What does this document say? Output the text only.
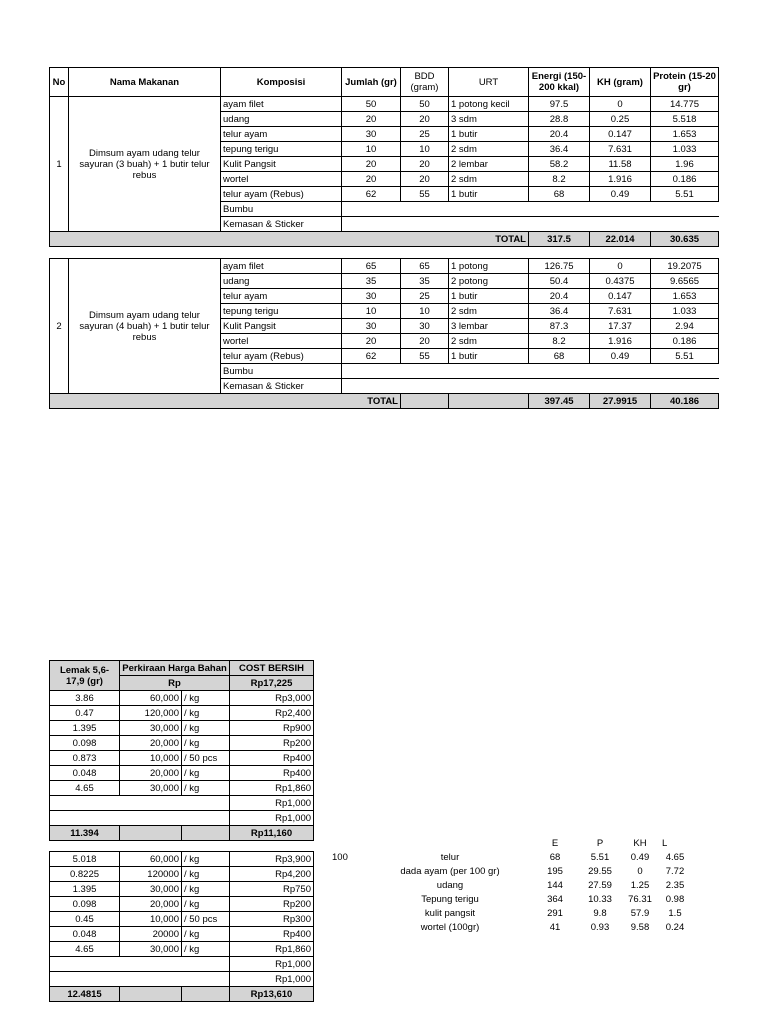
No	Nama Makanan	Komposisi	Jumlah (gr)	BDD (gram)	URT	Energi (150-200 kkal)	KH (gram)	Protein (15-20 gr)
1	Dimsum ayam udang telur sayuran (3 buah) + 1 butir telur rebus	ayam filet	50	50	1 potong kecil	97.5	0	14.775
		udang	20	20	3 sdm	28.8	0.25	5.518
		telur ayam	30	25	1 butir	20.4	0.147	1.653
		tepung terigu	10	10	2 sdm	36.4	7.631	1.033
		Kulit Pangsit	20	20	2 lembar	58.2	11.58	1.96
		wortel	20	20	2 sdm	8.2	1.916	0.186
		telur ayam (Rebus)	62	55	1 butir	68	0.49	5.51
		Bumbu						
		Kemasan & Sticker						
TOTAL						317.5	22.014	30.635
2	Dimsum ayam udang telur sayuran (4 buah) + 1 butir telur rebus	ayam filet	65	65	1 potong	126.75	0	19.2075
		udang	35	35	2 potong	50.4	0.4375	9.6565
		telur ayam	30	25	1 butir	20.4	0.147	1.653
		tepung terigu	10	10	2 sdm	36.4	7.631	1.033
		Kulit Pangsit	30	30	3 lembar	87.3	17.37	2.94
		wortel	20	20	2 sdm	8.2	1.916	0.186
		telur ayam (Rebus)	62	55	1 butir	68	0.49	5.51
		Bumbu						
		Kemasan & Sticker						
TOTAL						397.45	27.9915	40.186
Lemak 5,6-17,9 (gr)	Perkiraan Harga Bahan		COST BERSIH
	Rp		Rp17,225
3.86	60,000	/ kg	Rp3,000
0.47	120,000	/ kg	Rp2,400
1.395	30,000	/ kg	Rp900
0.098	20,000	/ kg	Rp200
0.873	10,000	/ 50 pcs	Rp400
0.048	20,000	/ kg	Rp400
4.65	30,000	/ kg	Rp1,860
			Rp1,000
			Rp1,000
11.394			Rp11,160
5.018	60,000	/ kg	Rp3,900
0.8225	120000	/ kg	Rp4,200
1.395	30,000	/ kg	Rp750
0.098	20,000	/ kg	Rp200
0.45	10,000	/ 50 pcs	Rp300
0.048	20000	/ kg	Rp400
4.65	30,000	/ kg	Rp1,860
			Rp1,000
			Rp1,000
12.4815			Rp13,610
		E	P	KH	L
100	telur	68	5.51	0.49	4.65
	dada ayam (per 100 gr)	195	29.55	0	7.72
	udang	144	27.59	1.25	2.35
	Tepung terigu	364	10.33	76.31	0.98
	kulit pangsit	291	9.8	57.9	1.5
	wortel (100gr)	41	0.93	9.58	0.24
